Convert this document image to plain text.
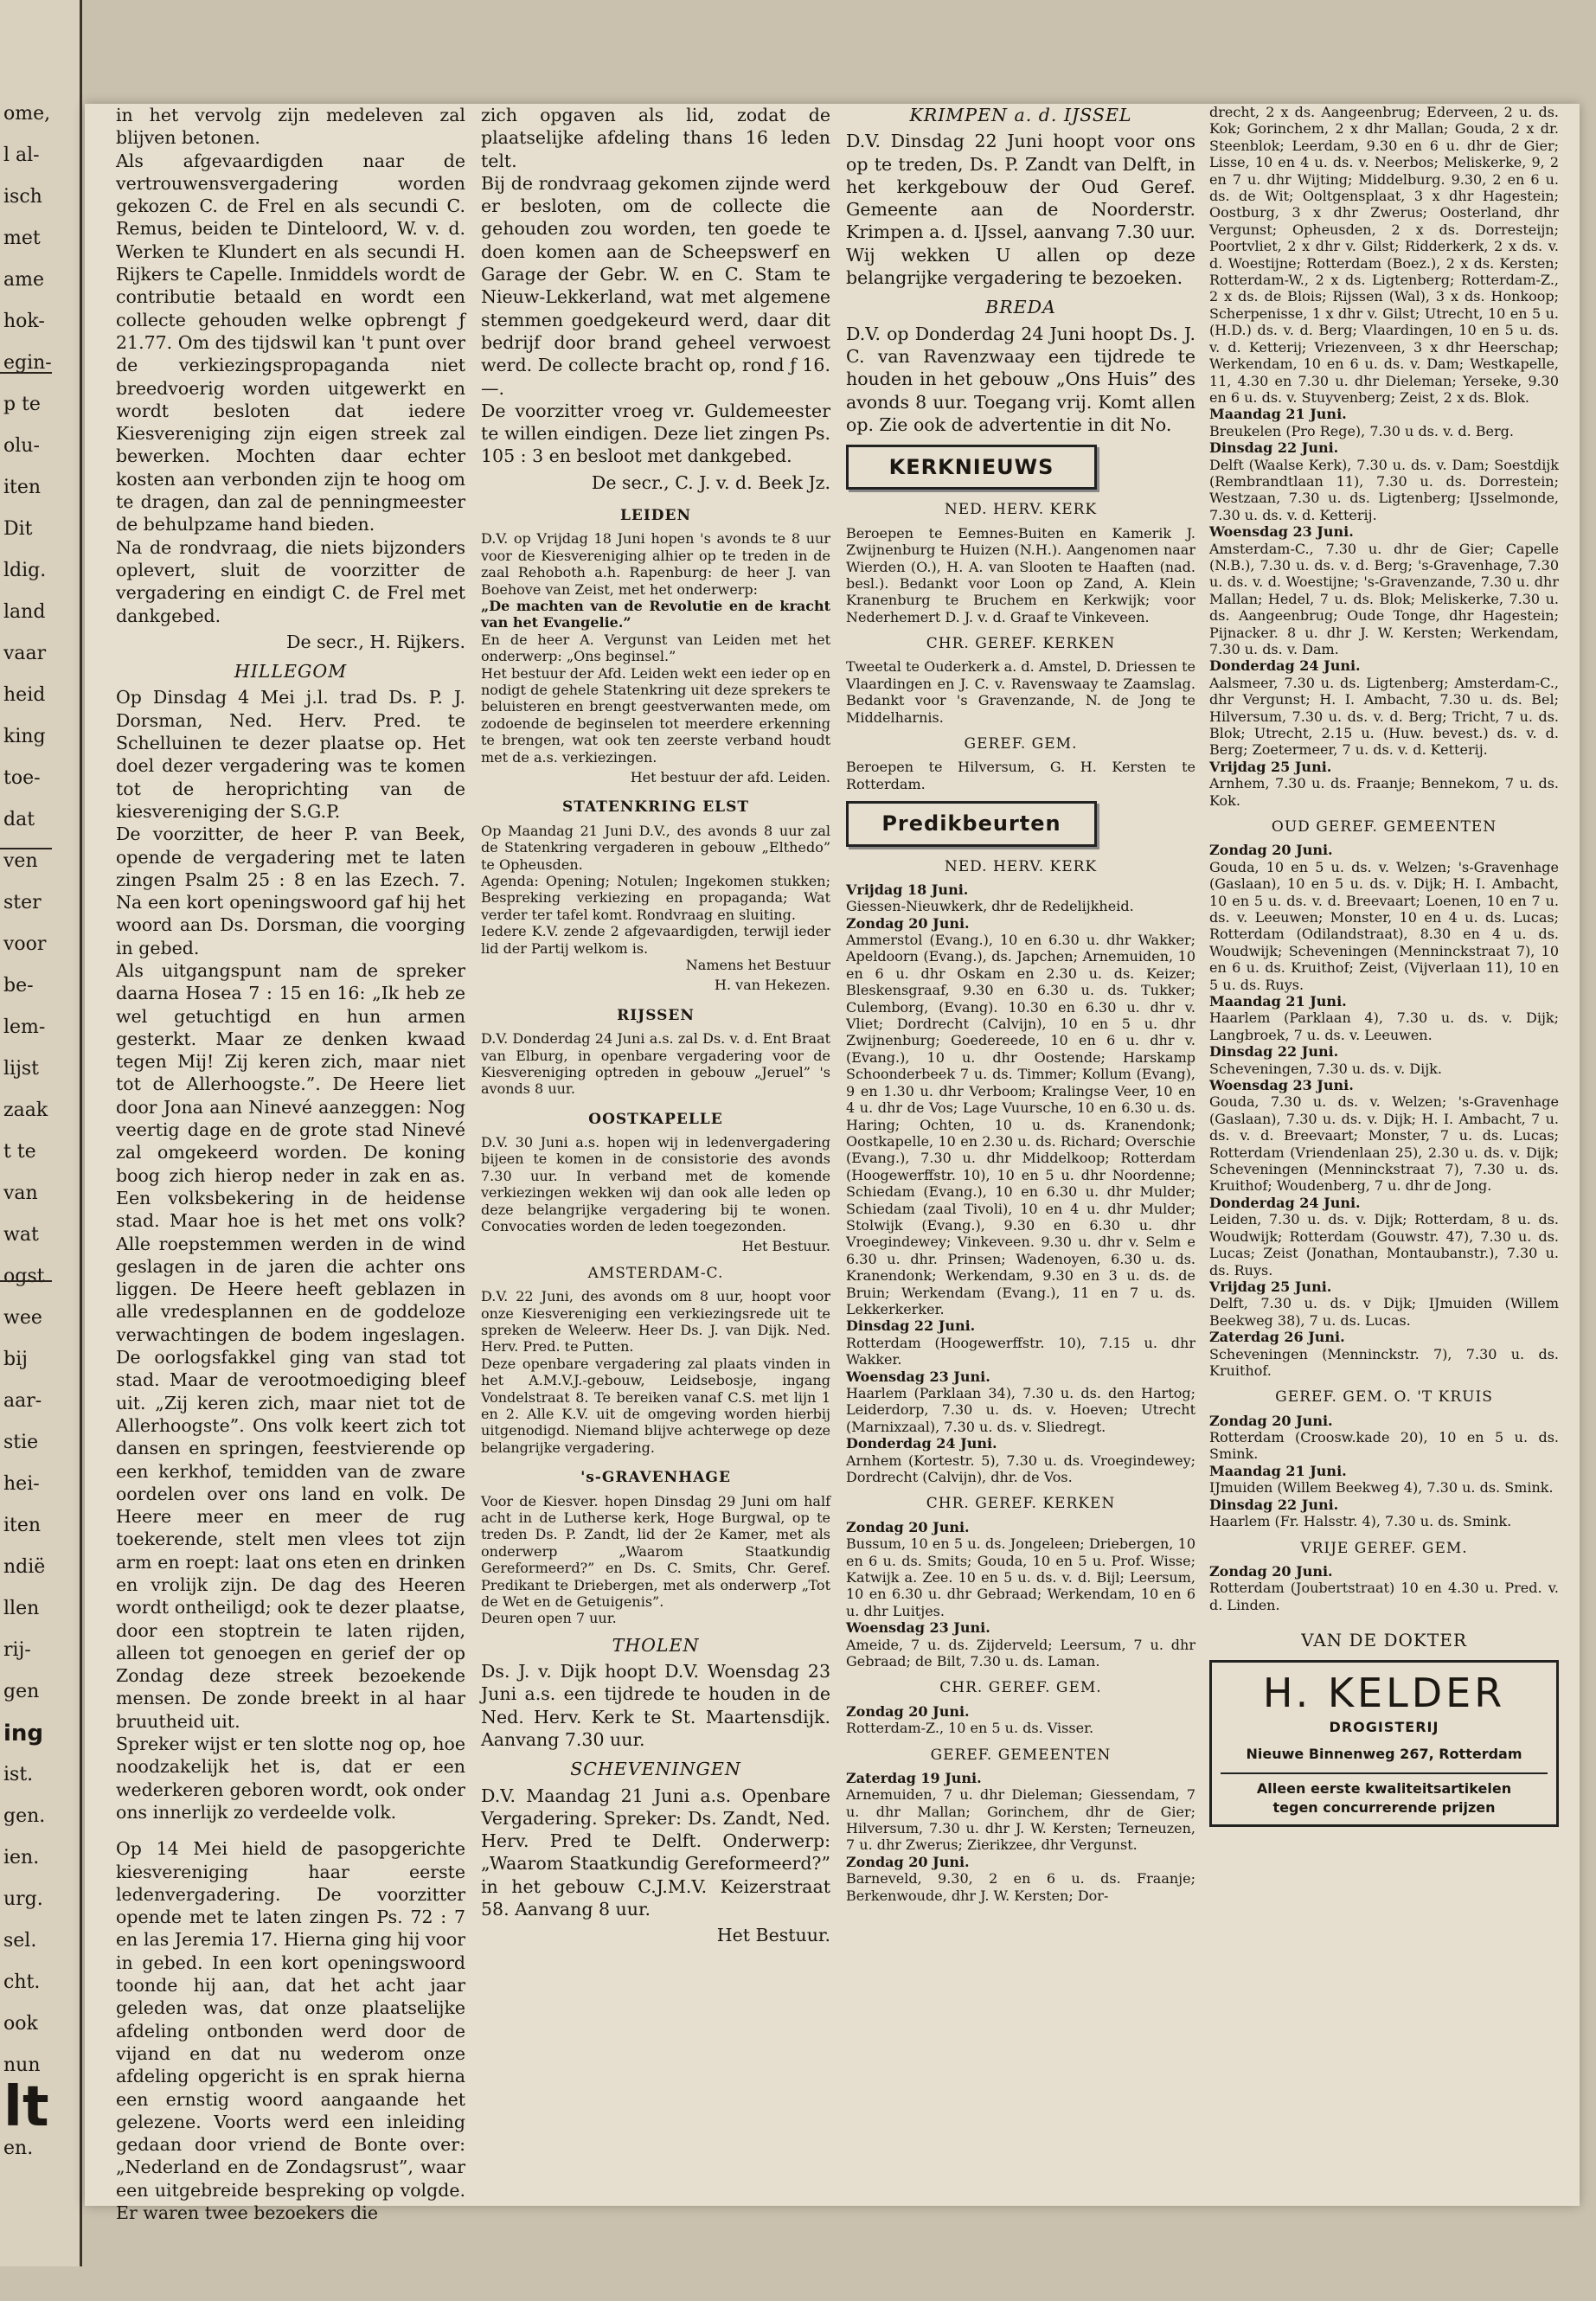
ome,
l al-
isch
met
ame
hok-
egin-
p te
olu-
iten
Dit
ldig.
land
vaar
heid
king
toe-
dat
ven
ster
voor
be-
lem-
lijst
zaak
t te
van
wat
ogst
wee
bij
aar-
stie
hei-
iten
ndië
llen
rij-
gen
ing
ist.
gen.
ien.
urg.
sel.
cht.
ook
nun
lt
en.

in het vervolg zijn medeleven zal blijven betonen.

Als afgevaardigden naar de vertrouwensvergadering worden gekozen C. de Frel en als secundi C. Remus, beiden te Dinteloord, W. v. d. Werken te Klundert en als secundi H. Rijkers te Capelle. Inmiddels wordt de contributie betaald en wordt een collecte gehouden welke opbrengt ƒ 21.77. Om des tijdswil kan 't punt over de verkiezingspropaganda niet breedvoerig worden uitgewerkt en wordt besloten dat iedere Kiesvereniging zijn eigen streek zal bewerken. Mochten daar echter kosten aan verbonden zijn te hoog om te dragen, dan zal de penningmeester de behulpzame hand bieden.

Na de rondvraag, die niets bijzonders oplevert, sluit de voorzitter de vergadering en eindigt C. de Frel met dankgebed.

De secr., H. Rijkers.

HILLEGOM

Op Dinsdag 4 Mei j.l. trad Ds. P. J. Dorsman, Ned. Herv. Pred. te Schelluinen te dezer plaatse op. Het doel dezer vergadering was te komen tot de heroprichting van de kiesvereniging der S.G.P.

De voorzitter, de heer P. van Beek, opende de vergadering met te laten zingen Psalm 25 : 8 en las Ezech. 7. Na een kort openingswoord gaf hij het woord aan Ds. Dorsman, die voorging in gebed.

Als uitgangspunt nam de spreker daarna Hosea 7 : 15 en 16: „Ik heb ze wel getuchtigd en hun armen gesterkt. Maar ze denken kwaad tegen Mij! Zij keren zich, maar niet tot de Allerhoogste.”. De Heere liet door Jona aan Ninevé aanzeggen: Nog veertig dage en de grote stad Ninevé zal omgekeerd worden. De koning boog zich hierop neder in zak en as. Een volksbekering in de heidense stad. Maar hoe is het met ons volk? Alle roepstemmen werden in de wind geslagen in de jaren die achter ons liggen. De Heere heeft geblazen in alle vredesplannen en de goddeloze verwachtingen de bodem ingeslagen. De oorlogsfakkel ging van stad tot stad. Maar de verootmoediging bleef uit. „Zij keren zich, maar niet tot de Allerhoogste”. Ons volk keert zich tot dansen en springen, feestvierende op een kerkhof, temidden van de zware oordelen over ons land en volk. De Heere meer en meer de rug toekerende, stelt men vlees tot zijn arm en roept: laat ons eten en drinken en vrolijk zijn. De dag des Heeren wordt ontheiligd; ook te dezer plaatse, door een stoptrein te laten rijden, alleen tot genoegen en gerief der op Zondag deze streek bezoekende mensen. De zonde breekt in al haar bruutheid uit.

Spreker wijst er ten slotte nog op, hoe noodzakelijk het is, dat er een wederkeren geboren wordt, ook onder ons innerlijk zo verdeelde volk.

Op 14 Mei hield de pasopgerichte kiesvereniging haar eerste ledenvergadering. De voorzitter opende met te laten zingen Ps. 72 : 7 en las Jeremia 17. Hierna ging hij voor in gebed. In een kort openingswoord toonde hij aan, dat het acht jaar geleden was, dat onze plaatselijke afdeling ontbonden werd door de vijand en dat nu wederom onze afdeling opgericht is en sprak hierna een ernstig woord aangaande het gelezene. Voorts werd een inleiding gedaan door vriend de Bonte over: „Nederland en de Zondagsrust”, waar een uitgebreide bespreking op volgde. Er waren twee bezoekers die

zich opgaven als lid, zodat de plaatselijke afdeling thans 16 leden telt.

Bij de rondvraag gekomen zijnde werd er besloten, om de collecte die gehouden zou worden, ten goede te doen komen aan de Scheepswerf en Garage der Gebr. W. en C. Stam te Nieuw-Lekkerland, wat met algemene stemmen goedgekeurd werd, daar dit bedrijf door brand geheel verwoest werd. De collecte bracht op, rond ƒ 16.—.

De voorzitter vroeg vr. Guldemeester te willen eindigen. Deze liet zingen Ps. 105 : 3 en besloot met dankgebed.

De secr., C. J. v. d. Beek Jz.

LEIDEN

D.V. op Vrijdag 18 Juni hopen 's avonds te 8 uur voor de Kiesvereniging alhier op te treden in de zaal Rehoboth a.h. Rapenburg: de heer J. van Boehove van Zeist, met het onderwerp:

„De machten van de Revolutie en de kracht van het Evangelie.”

En de heer A. Vergunst van Leiden met het onderwerp: „Ons beginsel.”

Het bestuur der Afd. Leiden wekt een ieder op en nodigt de gehele Statenkring uit deze sprekers te beluisteren en brengt geestverwanten mede, om zodoende de beginselen tot meerdere erkenning te brengen, wat ook ten zeerste verband houdt met de a.s. verkiezingen.

Het bestuur der afd. Leiden.

STATENKRING ELST

Op Maandag 21 Juni D.V., des avonds 8 uur zal de Statenkring vergaderen in gebouw „Elthedo” te Opheusden.

Agenda: Opening; Notulen; Ingekomen stukken; Bespreking verkiezing en propaganda; Wat verder ter tafel komt. Rondvraag en sluiting.

Iedere K.V. zende 2 afgevaardigden, terwijl ieder lid der Partij welkom is.

Namens het Bestuur

H. van Hekezen.

RIJSSEN

D.V. Donderdag 24 Juni a.s. zal Ds. v. d. Ent Braat van Elburg, in openbare vergadering voor de Kiesvereniging optreden in gebouw „Jeruel” 's avonds 8 uur.

OOSTKAPELLE

D.V. 30 Juni a.s. hopen wij in ledenvergadering bijeen te komen in de consistorie des avonds 7.30 uur. In verband met de komende verkiezingen wekken wij dan ook alle leden op deze belangrijke vergadering bij te wonen. Convocaties worden de leden toegezonden.

Het Bestuur.

AMSTERDAM-C.

D.V. 22 Juni, des avonds om 8 uur, hoopt voor onze Kiesvereniging een verkiezingsrede uit te spreken de Weleerw. Heer Ds. J. van Dijk. Ned. Herv. Pred. te Putten.

Deze openbare vergadering zal plaats vinden in het A.M.V.J.-gebouw, Leidsebosje, ingang Vondelstraat 8. Te bereiken vanaf C.S. met lijn 1 en 2. Alle K.V. uit de omgeving worden hierbij uitgenodigd. Niemand blijve achterwege op deze belangrijke vergadering.

's-GRAVENHAGE

Voor de Kiesver. hopen Dinsdag 29 Juni om half acht in de Lutherse kerk, Hoge Burgwal, op te treden Ds. P. Zandt, lid der 2e Kamer, met als onderwerp „Waarom Staatkundig Gereformeerd?” en Ds. C. Smits, Chr. Geref. Predikant te Driebergen, met als onderwerp „Tot de Wet en de Getuigenis”.

Deuren open 7 uur.

THOLEN

Ds. J. v. Dijk hoopt D.V. Woensdag 23 Juni a.s. een tijdrede te houden in de Ned. Herv. Kerk te St. Maartensdijk. Aanvang 7.30 uur.

SCHEVENINGEN

D.V. Maandag 21 Juni a.s. Openbare Vergadering. Spreker: Ds. Zandt, Ned. Herv. Pred te Delft. Onderwerp: „Waarom Staatkundig Gereformeerd?” in het gebouw C.J.M.V. Keizerstraat 58. Aanvang 8 uur.

Het Bestuur.

KRIMPEN a. d. IJSSEL

D.V. Dinsdag 22 Juni hoopt voor ons op te treden, Ds. P. Zandt van Delft, in het kerkgebouw der Oud Geref. Gemeente aan de Noorderstr. Krimpen a. d. IJssel, aanvang 7.30 uur. Wij wekken U allen op deze belangrijke vergadering te bezoeken.

BREDA

D.V. op Donderdag 24 Juni hoopt Ds. J. C. van Ravenzwaay een tijdrede te houden in het gebouw „Ons Huis” des avonds 8 uur. Toegang vrij. Komt allen op. Zie ook de advertentie in dit No.

KERKNIEUWS

NED. HERV. KERK

Beroepen te Eemnes-Buiten en Kamerik J. Zwijnenburg te Huizen (N.H.). Aangenomen naar Wierden (O.), H. A. van Slooten te Haaften (nad. besl.). Bedankt voor Loon op Zand, A. Klein Kranenburg te Bruchem en Kerkwijk; voor Nederhemert D. J. v. d. Graaf te Vinkeveen.

CHR. GEREF. KERKEN

Tweetal te Ouderkerk a. d. Amstel, D. Driessen te Vlaardingen en J. C. v. Ravenswaay te Zaamslag. Bedankt voor 's Gravenzande, N. de Jong te Middelharnis.

GEREF. GEM.

Beroepen te Hilversum, G. H. Kersten te Rotterdam.

Predikbeurten

NED. HERV. KERK

Vrijdag 18 Juni.

Giessen-Nieuwkerk, dhr de Redelijkheid.

Zondag 20 Juni.

Ammerstol (Evang.), 10 en 6.30 u. dhr Wakker; Apeldoorn (Evang.), ds. Japchen; Arnemuiden, 10 en 6 u. dhr Oskam en 2.30 u. ds. Keizer; Bleskensgraaf, 9.30 en 6.30 u. ds. Tukker; Culemborg, (Evang). 10.30 en 6.30 u. dhr v. Vliet; Dordrecht (Calvijn), 10 en 5 u. dhr Zwijnenburg; Goedereede, 10 en 6 u. dhr v. (Evang.), 10 u. dhr Oostende; Harskamp Schoonderbeek 7 u. ds. Timmer; Kollum (Evang), 9 en 1.30 u. dhr Verboom; Kralingse Veer, 10 en 4 u. dhr de Vos; Lage Vuursche, 10 en 6.30 u. ds. Haring; Ochten, 10 u. ds. Kranendonk; Oostkapelle, 10 en 2.30 u. ds. Richard; Overschie (Evang.), 7.30 u. dhr Middelkoop; Rotterdam (Hoogewerffstr. 10), 10 en 5 u. dhr Noordenne; Schiedam (Evang.), 10 en 6.30 u. dhr Mulder; Schiedam (zaal Tivoli), 10 en 4 u. dhr Mulder; Stolwijk (Evang.), 9.30 en 6.30 u. dhr Vroegindewey; Vinkeveen. 9.30 u. dhr v. Selm e 6.30 u. dhr. Prinsen; Wadenoyen, 6.30 u. ds. Kranendonk; Werkendam, 9.30 en 3 u. ds. de Bruin; Werkendam (Evang.), 11 en 7 u. ds. Lekkerkerker.

Dinsdag 22 Juni.

Rotterdam (Hoogewerffstr. 10), 7.15 u. dhr Wakker.

Woensdag 23 Juni.

Haarlem (Parklaan 34), 7.30 u. ds. den Hartog; Leiderdorp, 7.30 u. ds. v. Hoeven; Utrecht (Marnixzaal), 7.30 u. ds. v. Sliedregt.

Donderdag 24 Juni.

Arnhem (Kortestr. 5), 7.30 u. ds. Vroegindewey; Dordrecht (Calvijn), dhr. de Vos.

CHR. GEREF. KERKEN

Zondag 20 Juni.

Bussum, 10 en 5 u. ds. Jongeleen; Driebergen, 10 en 6 u. ds. Smits; Gouda, 10 en 5 u. Prof. Wisse; Katwijk a. Zee. 10 en 5 u. ds. v. d. Bijl; Leersum, 10 en 6.30 u. dhr Gebraad; Werkendam, 10 en 6 u. dhr Luitjes.

Woensdag 23 Juni.

Ameide, 7 u. ds. Zijderveld; Leersum, 7 u. dhr Gebraad; de Bilt, 7.30 u. ds. Laman.

CHR. GEREF. GEM.

Zondag 20 Juni.

Rotterdam-Z., 10 en 5 u. ds. Visser.

GEREF. GEMEENTEN

Zaterdag 19 Juni.

Arnemuiden, 7 u. dhr Dieleman; Giessendam, 7 u. dhr Mallan; Gorinchem, dhr de Gier; Hilversum, 7.30 u. dhr J. W. Kersten; Terneuzen, 7 u. dhr Zwerus; Zierikzee, dhr Vergunst.

Zondag 20 Juni.

Barneveld, 9.30, 2 en 6 u. ds. Fraanje; Berkenwoude, dhr J. W. Kersten; Dor-

drecht, 2 x ds. Aangeenbrug; Ederveen, 2 u. ds. Kok; Gorinchem, 2 x dhr Mallan; Gouda, 2 x dr. Steenblok; Leerdam, 9.30 en 6 u. dhr de Gier; Lisse, 10 en 4 u. ds. v. Neerbos; Meliskerke, 9, 2 en 7 u. dhr Wijting; Middelburg. 9.30, 2 en 6 u. ds. de Wit; Ooltgensplaat, 3 x dhr Hagestein; Oostburg, 3 x dhr Zwerus; Oosterland, dhr Vergunst; Opheusden, 2 x ds. Dorresteijn; Poortvliet, 2 x dhr v. Gilst; Ridderkerk, 2 x ds. v. d. Woestijne; Rotterdam (Boez.), 2 x ds. Kersten; Rotterdam-W., 2 x ds. Ligtenberg; Rotterdam-Z., 2 x ds. de Blois; Rijssen (Wal), 3 x ds. Honkoop; Scherpenisse, 1 x dhr v. Gilst; Utrecht, 10 en 5 u. (H.D.) ds. v. d. Berg; Vlaardingen, 10 en 5 u. ds. v. d. Ketterij; Vriezenveen, 3 x dhr Heerschap; Werkendam, 10 en 6 u. ds. v. Dam; Westkapelle, 11, 4.30 en 7.30 u. dhr Dieleman; Yerseke, 9.30 en 6 u. ds. v. Stuyvenberg; Zeist, 2 x ds. Blok.

Maandag 21 Juni.

Breukelen (Pro Rege), 7.30 u ds. v. d. Berg.

Dinsdag 22 Juni.

Delft (Waalse Kerk), 7.30 u. ds. v. Dam; Soestdijk (Rembrandtlaan 11), 7.30 u. ds. Dorrestein; Westzaan, 7.30 u. ds. Ligtenberg; IJsselmonde, 7.30 u. ds. v. d. Ketterij.

Woensdag 23 Juni.

Amsterdam-C., 7.30 u. dhr de Gier; Capelle (N.B.), 7.30 u. ds. v. d. Berg; 's-Gravenhage, 7.30 u. ds. v. d. Woestijne; 's-Gravenzande, 7.30 u. dhr Mallan; Hedel, 7 u. ds. Blok; Meliskerke, 7.30 u. ds. Aangeenbrug; Oude Tonge, dhr Hagestein; Pijnacker. 8 u. dhr J. W. Kersten; Werkendam, 7.30 u. ds. v. Dam.

Donderdag 24 Juni.

Aalsmeer, 7.30 u. ds. Ligtenberg; Amsterdam-C., dhr Vergunst; H. I. Ambacht, 7.30 u. ds. Bel; Hilversum, 7.30 u. ds. v. d. Berg; Tricht, 7 u. ds. Blok; Utrecht, 2.15 u. (Huw. bevest.) ds. v. d. Berg; Zoetermeer, 7 u. ds. v. d. Ketterij.

Vrijdag 25 Juni.

Arnhem, 7.30 u. ds. Fraanje; Bennekom, 7 u. ds. Kok.

OUD GEREF. GEMEENTEN

Zondag 20 Juni.

Gouda, 10 en 5 u. ds. v. Welzen; 's-Gravenhage (Gaslaan), 10 en 5 u. ds. v. Dijk; H. I. Ambacht, 10 en 5 u. ds. v. d. Breevaart; Loenen, 10 en 7 u. ds. v. Leeuwen; Monster, 10 en 4 u. ds. Lucas; Rotterdam (Odilandstraat), 8.30 en 4 u. ds. Woudwijk; Scheveningen (Menninckstraat 7), 10 en 6 u. ds. Kruithof; Zeist, (Vijverlaan 11), 10 en 5 u. ds. Ruys.

Maandag 21 Juni.

Haarlem (Parklaan 4), 7.30 u. ds. v. Dijk; Langbroek, 7 u. ds. v. Leeuwen.

Dinsdag 22 Juni.

Scheveningen, 7.30 u. ds. v. Dijk.

Woensdag 23 Juni.

Gouda, 7.30 u. ds. v. Welzen; 's-Gravenhage (Gaslaan), 7.30 u. ds. v. Dijk; H. I. Ambacht, 7 u. ds. v. d. Breevaart; Monster, 7 u. ds. Lucas; Rotterdam (Vriendenlaan 25), 2.30 u. ds. v. Dijk; Scheveningen (Menninckstraat 7), 7.30 u. ds. Kruithof; Woudenberg, 7 u. dhr de Jong.

Donderdag 24 Juni.

Leiden, 7.30 u. ds. v. Dijk; Rotterdam, 8 u. ds. Woudwijk; Rotterdam (Gouwstr. 47), 7.30 u. ds. Lucas; Zeist (Jonathan, Montaubanstr.), 7.30 u. ds. Ruys.

Vrijdag 25 Juni.

Delft, 7.30 u. ds. v Dijk; IJmuiden (Willem Beekweg 38), 7 u. ds. Lucas.

Zaterdag 26 Juni.

Scheveningen (Menninckstr. 7), 7.30 u. ds. Kruithof.

GEREF. GEM. O. 'T KRUIS

Zondag 20 Juni.

Rotterdam (Croosw.kade 20), 10 en 5 u. ds. Smink.

Maandag 21 Juni.

IJmuiden (Willem Beekweg 4), 7.30 u. ds. Smink.

Dinsdag 22 Juni.

Haarlem (Fr. Halsstr. 4), 7.30 u. ds. Smink.

VRIJE GEREF. GEM.

Zondag 20 Juni.

Rotterdam (Joubertstraat) 10 en 4.30 u. Pred. v. d. Linden.

VAN DE DOKTER

H. KELDER
DROGISTERIJ
Nieuwe Binnenweg 267, Rotterdam
Alleen eerste kwaliteitsartikelen
tegen concurrerende prijzen
